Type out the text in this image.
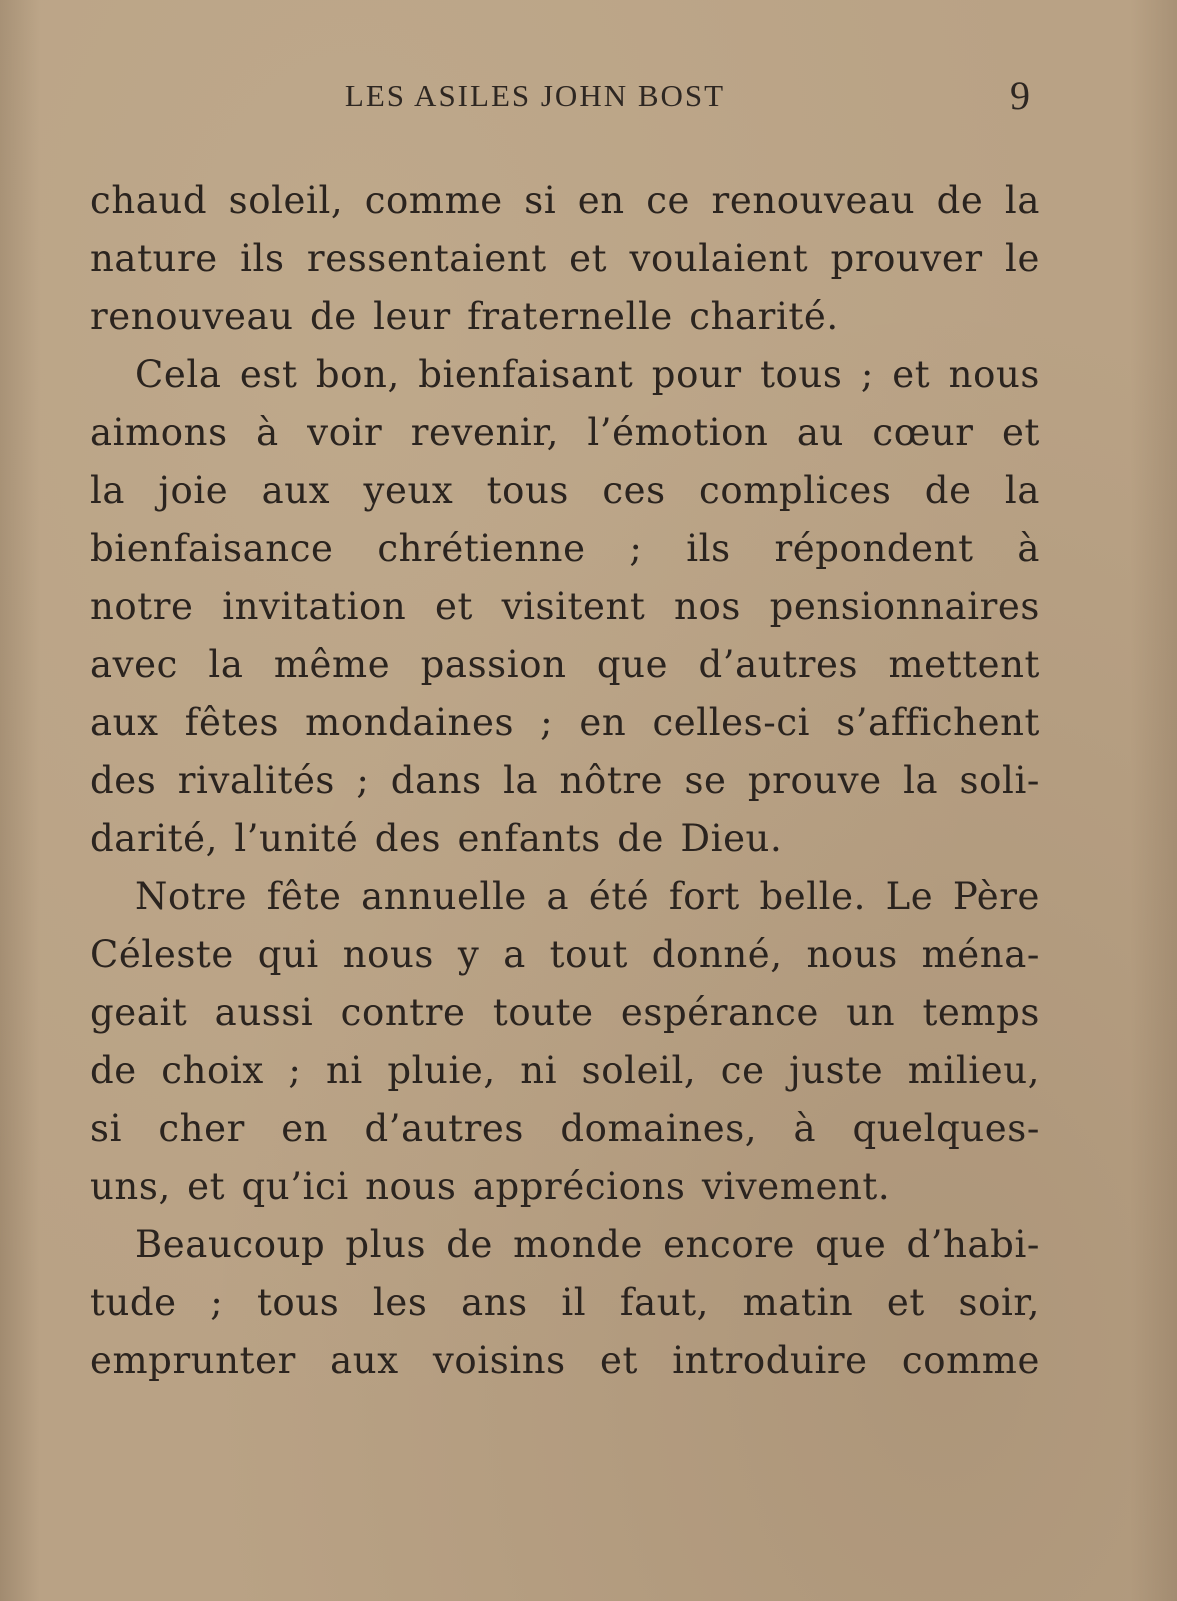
LES ASILES JOHN BOST	9
chaud soleil, comme si en ce renouveau de la
nature ils ressentaient et voulaient prouver le
renouveau de leur fraternelle charité.
Cela est bon, bienfaisant pour tous ; et nous
aimons à voir revenir, l’émotion au cœur et
la joie aux yeux tous ces complices de la
bienfaisance chrétienne ; ils répondent à
notre invitation et visitent nos pensionnaires
avec la même passion que d’autres mettent
aux fêtes mondaines ; en celles-ci s’affichent
des rivalités ; dans la nôtre se prouve la soli-
darité, l’unité des enfants de Dieu.
Notre fête annuelle a été fort belle. Le Père
Céleste qui nous y a tout donné, nous ména-
geait aussi contre toute espérance un temps
de choix ; ni pluie, ni soleil, ce juste milieu,
si cher en d’autres domaines, à quelques-
uns, et qu’ici nous apprécions vivement.
Beaucoup plus de monde encore que d’habi-
tude ; tous les ans il faut, matin et soir,
emprunter aux voisins et introduire comme
